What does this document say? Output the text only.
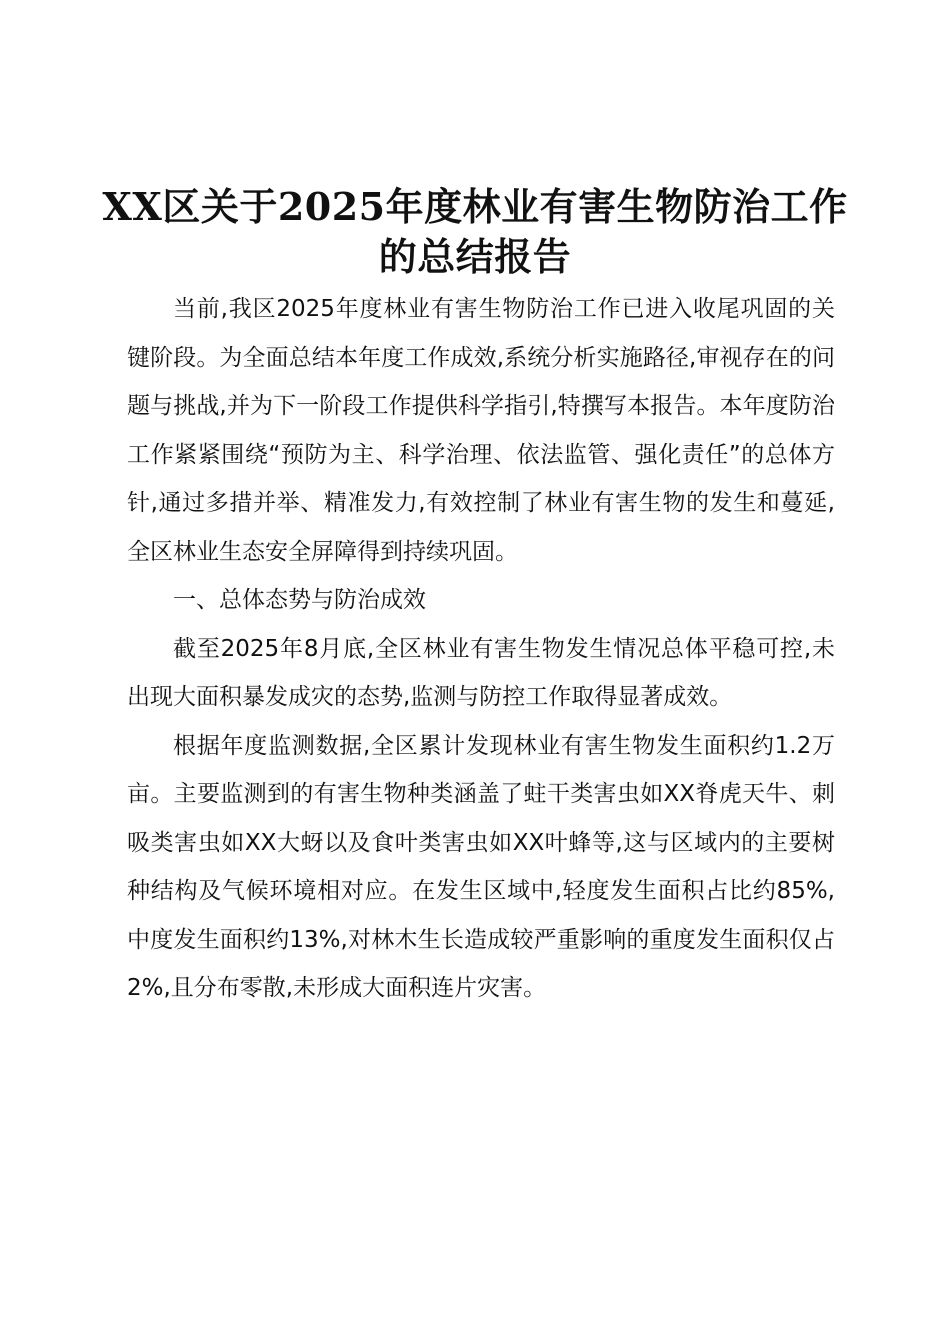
XX区关于2025年度林业有害生物防治工作的总结报告

当前,我区2025年度林业有害生物防治工作已进入收尾巩固的关键阶段。为全面总结本年度工作成效,系统分析实施路径,审视存在的问题与挑战,并为下一阶段工作提供科学指引,特撰写本报告。本年度防治工作紧紧围绕“预防为主、科学治理、依法监管、强化责任”的总体方针,通过多措并举、精准发力,有效控制了林业有害生物的发生和蔓延,全区林业生态安全屏障得到持续巩固。

一、总体态势与防治成效

截至2025年8月底,全区林业有害生物发生情况总体平稳可控,未出现大面积暴发成灾的态势,监测与防控工作取得显著成效。

根据年度监测数据,全区累计发现林业有害生物发生面积约1.2万亩。主要监测到的有害生物种类涵盖了蛀干类害虫如XX脊虎天牛、刺吸类害虫如XX大蚜以及食叶类害虫如XX叶蜂等,这与区域内的主要树种结构及气候环境相对应。在发生区域中,轻度发生面积占比约85%,中度发生面积约13%,对林木生长造成较严重影响的重度发生面积仅占2%,且分布零散,未形成大面积连片灾害。
